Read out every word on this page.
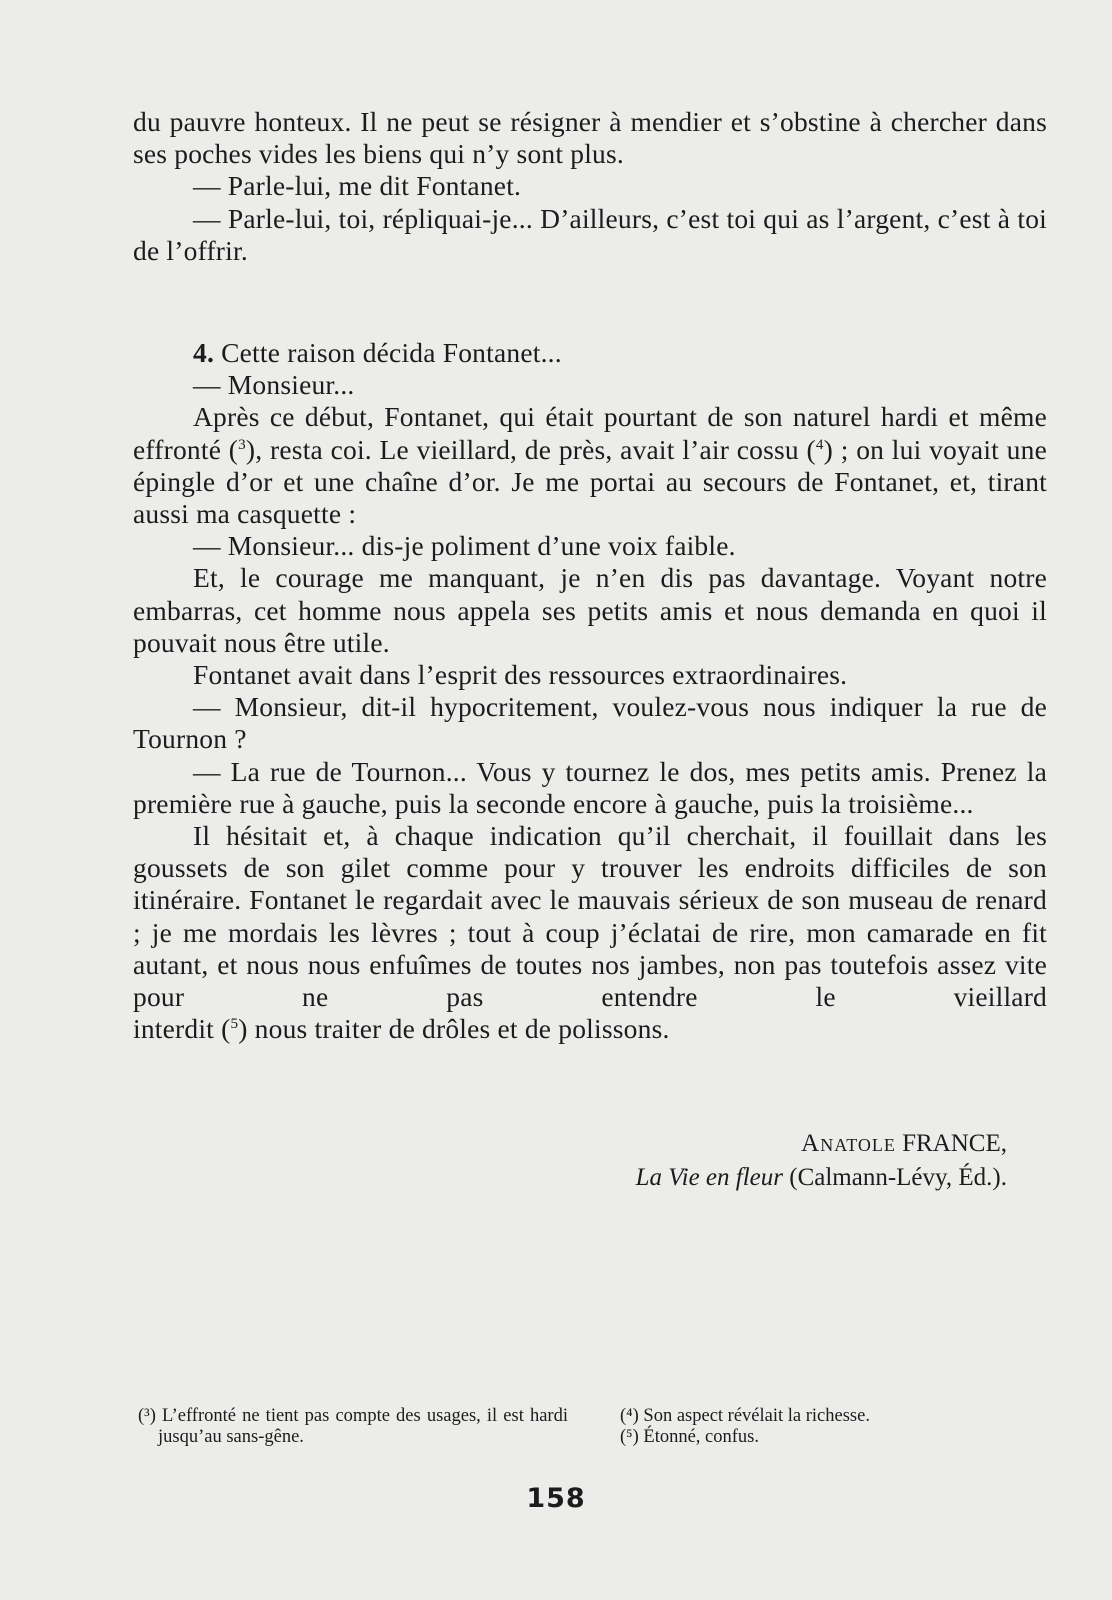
du pauvre honteux. Il ne peut se résigner à mendier et s’obstine à chercher dans ses poches vides les biens qui n’y sont plus.

— Parle-lui, me dit Fontanet.

— Parle-lui, toi, répliquai-je... D’ailleurs, c’est toi qui as l’argent, c’est à toi de l’offrir.

4. Cette raison décida Fontanet...

— Monsieur...

Après ce début, Fontanet, qui était pourtant de son naturel hardi et même effronté ($^3$), resta coi. Le vieillard, de près, avait l’air cossu ($^4$) ; on lui voyait une épingle d’or et une chaîne d’or. Je me portai au secours de Fontanet, et, tirant aussi ma casquette :

— Monsieur... dis-je poliment d’une voix faible.

Et, le courage me manquant, je n’en dis pas davantage. Voyant notre embarras, cet homme nous appela ses petits amis et nous demanda en quoi il pouvait nous être utile.

Fontanet avait dans l’esprit des ressources extraordinaires.

— Monsieur, dit-il hypocritement, voulez-vous nous indiquer la rue de Tournon ?

— La rue de Tournon... Vous y tournez le dos, mes petits amis. Prenez la première rue à gauche, puis la seconde encore à gauche, puis la troisième...

Il hésitait et, à chaque indication qu’il cherchait, il fouillait dans les goussets de son gilet comme pour y trouver les endroits difficiles de son itinéraire. Fontanet le regardait avec le mauvais sérieux de son museau de renard ; je me mordais les lèvres ; tout à coup j’éclatai de rire, mon camarade en fit autant, et nous nous enfuîmes de toutes nos jambes, non pas toutefois assez vite pour ne pas entendre le vieillard

interdit ($^5$) nous traiter de drôles et de polissons.

Anatole FRANCE,
La Vie en fleur (Calmann-Lévy, Éd.).

(³) L’effronté ne tient pas compte des usages, il est hardi jusqu’au sans-gêne.

(⁴) Son aspect révélait la richesse.

(⁵) Étonné, confus.

158
